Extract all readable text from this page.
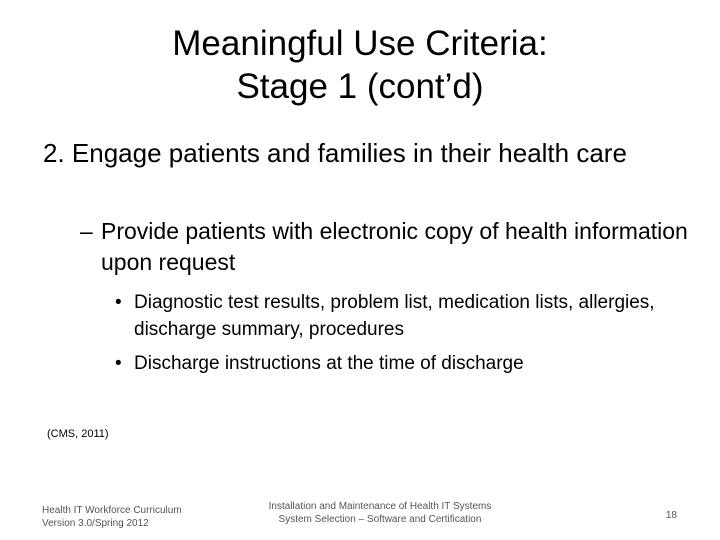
Meaningful Use Criteria:
Stage 1 (cont’d)

2. Engage patients and families in their health care

– Provide patients with electronic copy of health information upon request
• Diagnostic test results, problem list, medication lists, allergies, discharge summary, procedures
• Discharge instructions at the time of discharge

(CMS, 2011)

Health IT Workforce Curriculum
Version 3.0/Spring 2012
Installation and Maintenance of Health IT Systems
System Selection – Software and Certification	18
